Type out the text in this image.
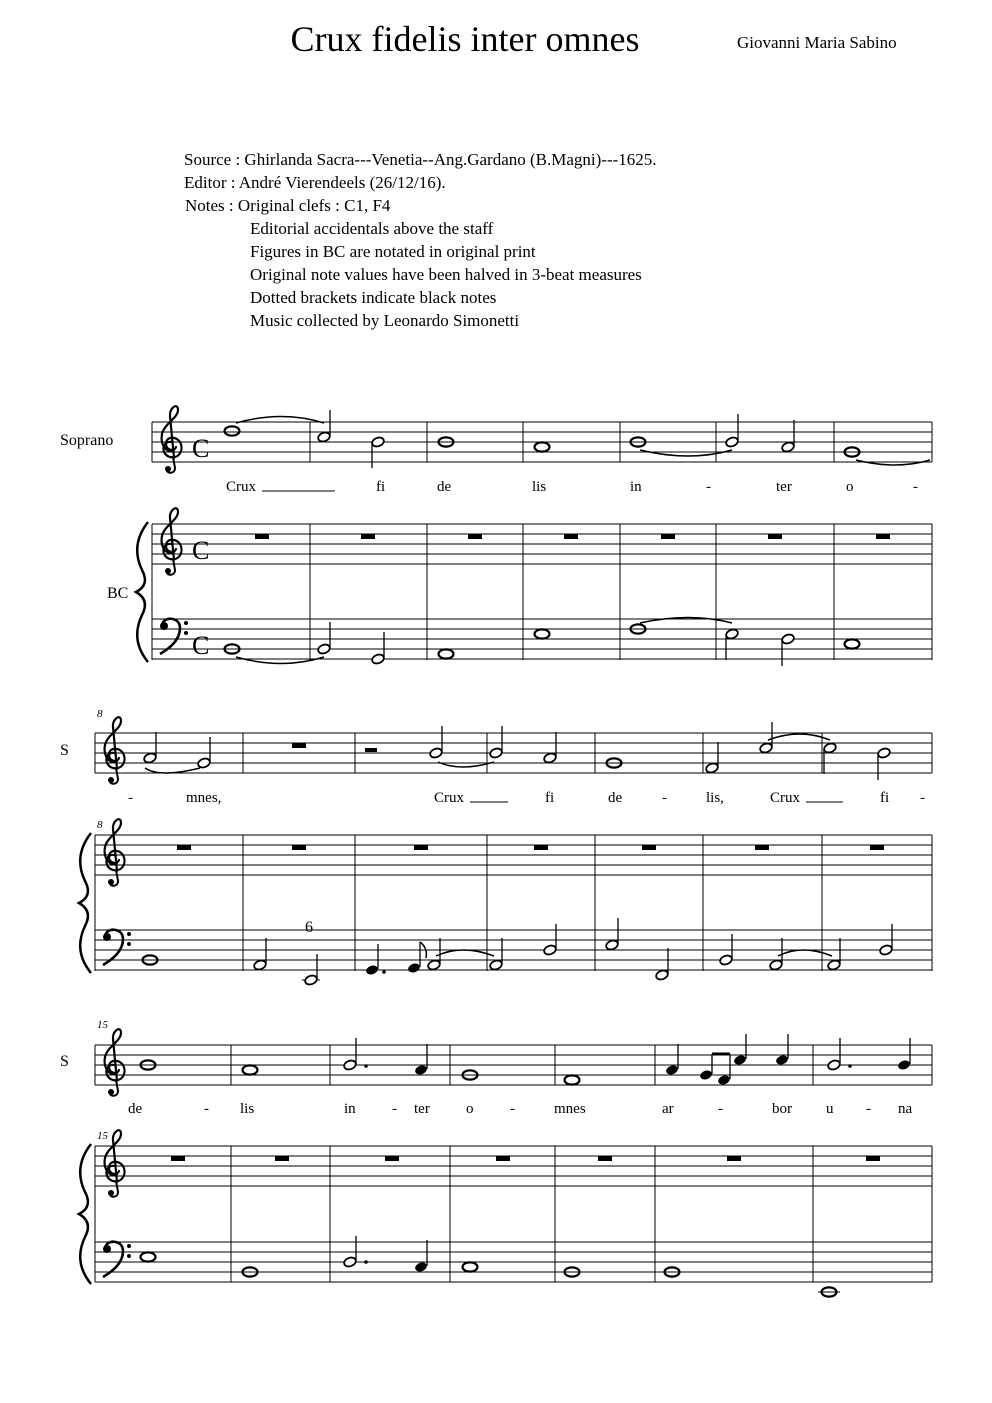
Crux fidelis inter omnes	Giovanni Maria Sabino
Source : Ghirlanda Sacra---Venetia--Ang.Gardano (B.Magni)---1625.
Editor : André Vierendeels (26/12/16).
Notes : Original clefs : C1, F4
Editorial accidentals above the staff
Figures in BC are notated in original print
Original note values have been halved in 3-beat measures
Dotted brackets indicate black notes
Music collected by Leonardo Simonetti
Soprano
BC
C
Crux	fi	de	lis	in	-	ter	o	-
C
C
8
S
-	mnes,	Crux	fi	de	-	lis,	Crux	fi -
8
6
15
S
de	- lis	in - ter o -	mnes	ar	-	bor u - na
15
